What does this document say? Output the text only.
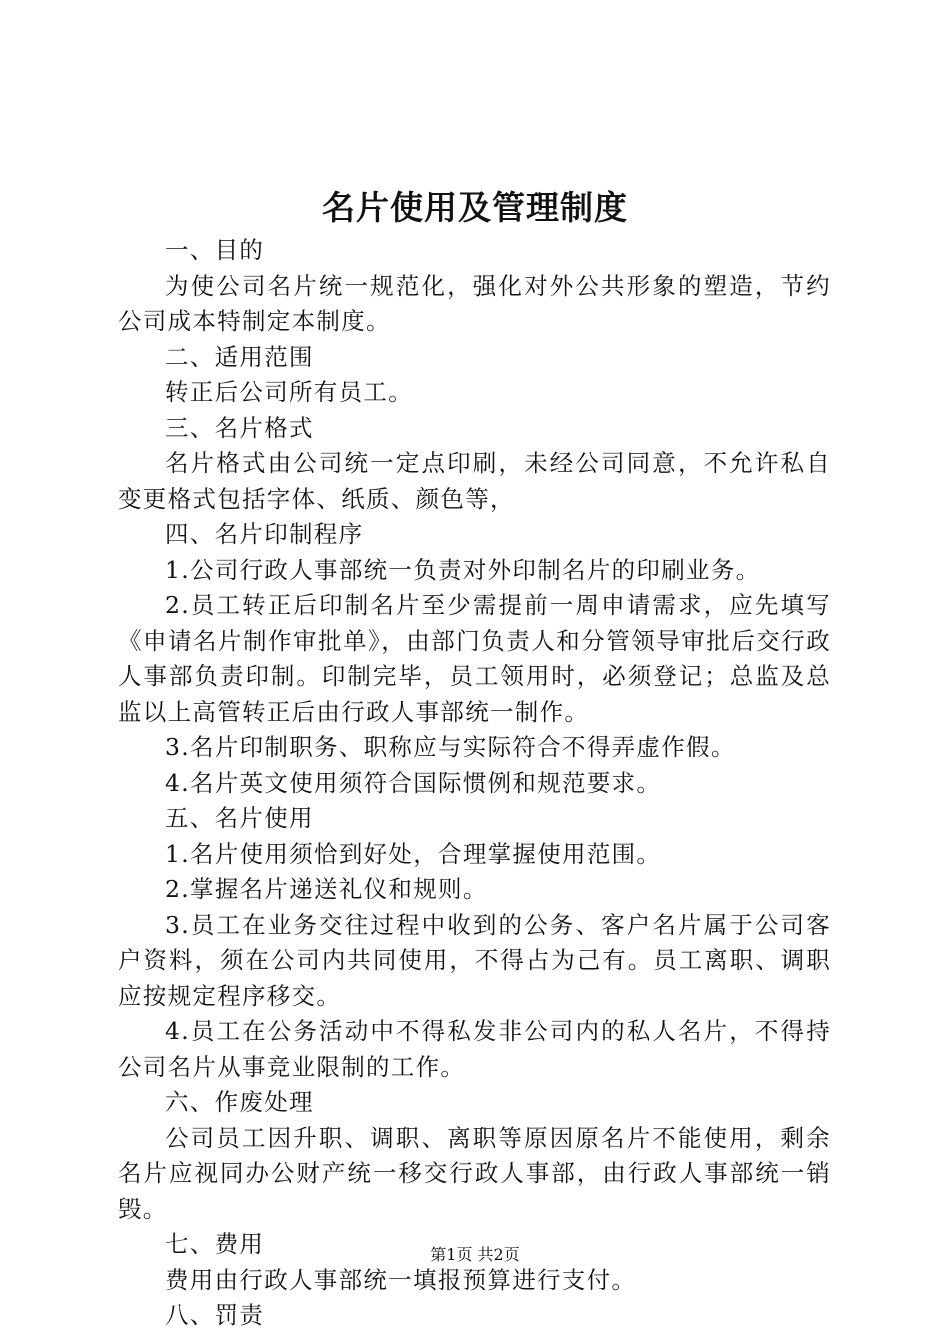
名片使用及管理制度

一、目的

为使公司名片统一规范化，强化对外公共形象的塑造，节约公司成本特制定本制度。

二、适用范围

转正后公司所有员工。

三、名片格式

名片格式由公司统一定点印刷，未经公司同意，不允许私自变更格式包括字体、纸质、颜色等，

四、名片印制程序

1.公司行政人事部统一负责对外印制名片的印刷业务。

2.员工转正后印制名片至少需提前一周申请需求，应先填写《申请名片制作审批单》，由部门负责人和分管领导审批后交行政人事部负责印制。印制完毕，员工领用时，必须登记；总监及总监以上高管转正后由行政人事部统一制作。

3.名片印制职务、职称应与实际符合不得弄虚作假。

4.名片英文使用须符合国际惯例和规范要求。

五、名片使用

1.名片使用须恰到好处，合理掌握使用范围。

2.掌握名片递送礼仪和规则。

3.员工在业务交往过程中收到的公务、客户名片属于公司客户资料，须在公司内共同使用，不得占为己有。员工离职、调职应按规定程序移交。

4.员工在公务活动中不得私发非公司内的私人名片，不得持公司名片从事竞业限制的工作。

六、作废处理

公司员工因升职、调职、离职等原因原名片不能使用，剩余名片应视同办公财产统一移交行政人事部，由行政人事部统一销毁。

七、费用

费用由行政人事部统一填报预算进行支付。

八、罚责

第1页 共2页
